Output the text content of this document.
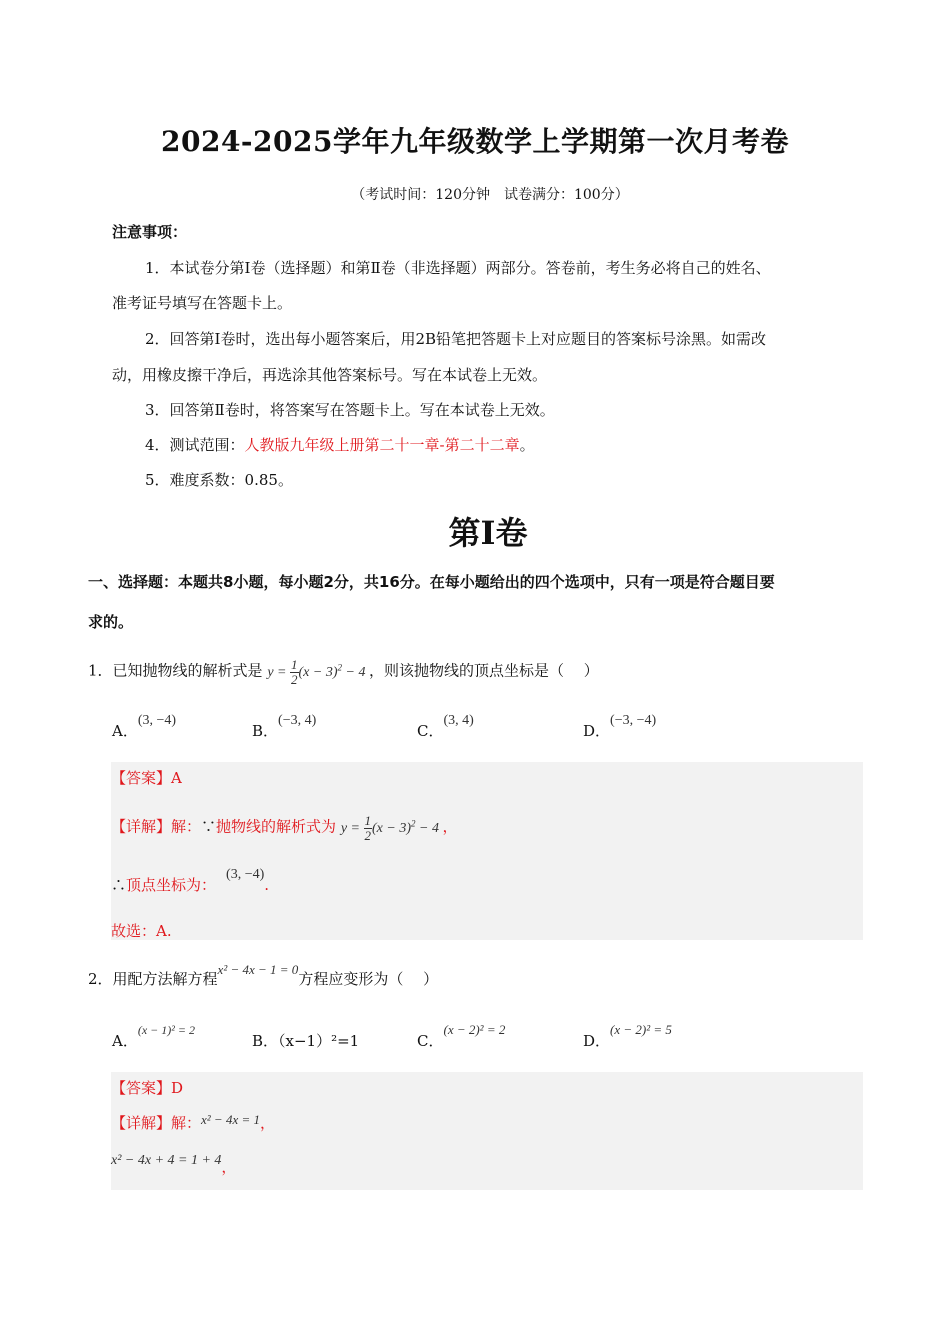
2024-2025学年九年级数学上学期第一次月考卷
（考试时间：120分钟　试卷满分：100分）
注意事项：
1．本试卷分第Ⅰ卷（选择题）和第Ⅱ卷（非选择题）两部分。答卷前，考生务必将自己的姓名、
准考证号填写在答题卡上。
2．回答第Ⅰ卷时，选出每小题答案后，用2B铅笔把答题卡上对应题目的答案标号涂黑。如需改
动，用橡皮擦干净后，再选涂其他答案标号。写在本试卷上无效。
3．回答第Ⅱ卷时，将答案写在答题卡上。写在本试卷上无效。
4．测试范围：人教版九年级上册第二十一章-第二十二章。
5．难度系数：0.85。
第Ⅰ卷
一、选择题：本题共8小题，每小题2分，共16分。在每小题给出的四个选项中，只有一项是符合题目要
求的。
1．已知抛物线的解析式是 $y = \frac{1}{2} (x - 3)^2 - 4$ ，则该抛物线的顶点坐标是（　 ）
A．(3, −4)
B．(−3, 4)
C．(3, 4)
D．(−3, −4)
【答案】A
【详解】解：∵抛物线的解析式为 $y = \frac{1}{2} (x - 3)^2 - 4$ ，
∴顶点坐标为：(3, −4).
故选：A.
2．用配方法解方程x² − 4x − 1 = 0方程应变形为（　 ）
A．$^{(x - 1)^2 = 2}$
B．（x−1）²=1	C．(x − 2)² = 2
D．(x − 2)² = 5
【答案】D
【详解】解：x² − 4x = 1，
x² − 4x + 4 = 1 + 4，
